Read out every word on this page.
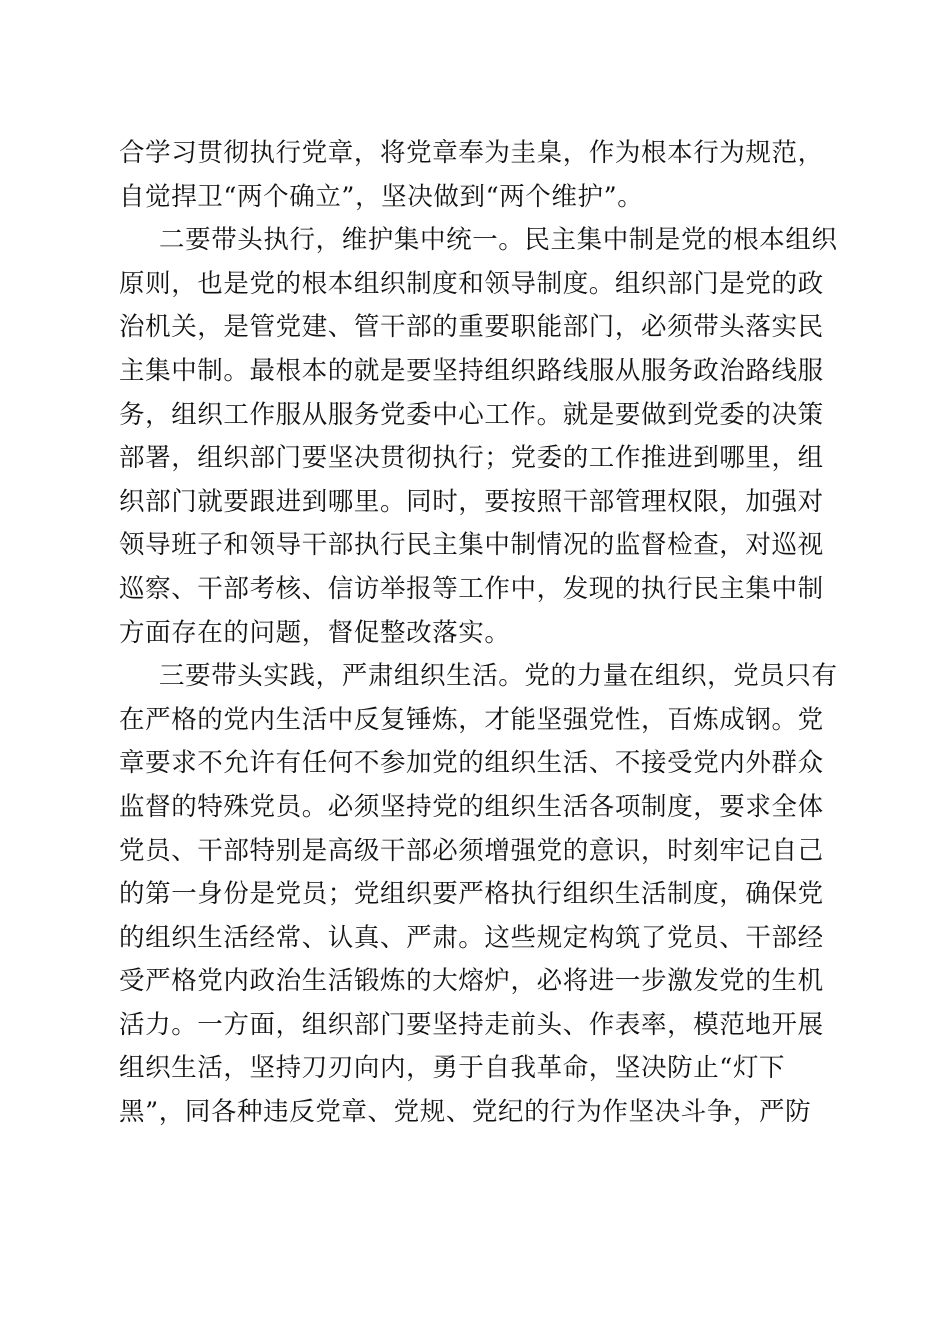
合学习贯彻执行党章，将党章奉为圭臬，作为根本行为规范，
自觉捍卫“两个确立”，坚决做到“两个维护”。
二要带头执行，维护集中统一。民主集中制是党的根本组织
原则，也是党的根本组织制度和领导制度。组织部门是党的政
治机关，是管党建、管干部的重要职能部门，必须带头落实民
主集中制。最根本的就是要坚持组织路线服从服务政治路线服
务，组织工作服从服务党委中心工作。就是要做到党委的决策
部署，组织部门要坚决贯彻执行；党委的工作推进到哪里，组
织部门就要跟进到哪里。同时，要按照干部管理权限，加强对
领导班子和领导干部执行民主集中制情况的监督检查，对巡视
巡察、干部考核、信访举报等工作中，发现的执行民主集中制
方面存在的问题，督促整改落实。
三要带头实践，严肃组织生活。党的力量在组织，党员只有
在严格的党内生活中反复锤炼，才能坚强党性，百炼成钢。党
章要求不允许有任何不参加党的组织生活、不接受党内外群众
监督的特殊党员。必须坚持党的组织生活各项制度，要求全体
党员、干部特别是高级干部必须增强党的意识，时刻牢记自己
的第一身份是党员；党组织要严格执行组织生活制度，确保党
的组织生活经常、认真、严肃。这些规定构筑了党员、干部经
受严格党内政治生活锻炼的大熔炉，必将进一步激发党的生机
活力。一方面，组织部门要坚持走前头、作表率，模范地开展
组织生活，坚持刀刃向内，勇于自我革命，坚决防止“灯下
黑”，同各种违反党章、党规、党纪的行为作坚决斗争，严防
